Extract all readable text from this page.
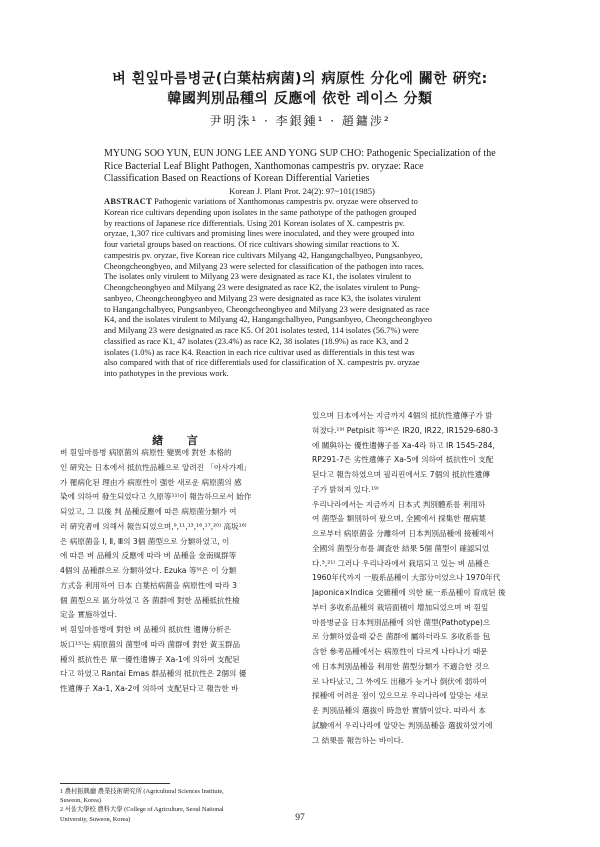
벼 흰잎마름병균(白葉枯病菌)의 病原性 分化에 關한 硏究:
韓國判別品種의 反應에 依한 레이스 分類
尹明洙¹ · 李銀鍾¹ · 趙鏞涉²
MYUNG SOO YUN, EUN JONG LEE AND YONG SUP CHO: Pathogenic Specialization of the
Rice Bacterial Leaf Blight Pathogen, Xanthomonas campestris pv. oryzae: Race
Classification Based on Reactions of Korean Differential Varieties
Korean J. Plant Prot. 24(2): 97~101(1985)
ABSTRACT Pathogenic variations of Xanthomonas campestris pv. oryzae were observed to
Korean rice cultivars depending upon isolates in the same pathotype of the pathogen grouped
by reactions of Japanese rice differentials. Using 201 Korean isolates of X. campestris pv.
oryzae, 1,307 rice cultivars and promising lines were inoculated, and they were grouped into
four varietal groups based on reactions. Of rice cultivars showing similar reactions to X.
campestris pv. oryzae, five Korean rice cultivars Milyang 42, Hangangchalbyeo, Pungsanbyeo,
Cheongcheongbyeo, and Milyang 23 were selected for classification of the pathogen into races.
The isolates only virulent to Milyang 23 were designated as race K1, the isolates virulent to
Cheongcheongbyeo and Milyang 23 were designated as race K2, the isolates virulent to Pung-
sanbyeo, Cheongcheongbyeo and Milyang 23 were designated as race K3, the isolates virulent
to Hangangchalbyeo, Pungsanbyeo, Cheongcheongbyeo and Milyang 23 were designated as race
K4, and the isolates virulent to Milyang 42, Hangangchalbyeo, Pungsanbyeo, Cheongcheongbyeo
and Milyang 23 were designated as race K5. Of 201 isolates tested, 114 isolates (56.7%) were
classified as race K1, 47 isolates (23.4%) as race K2, 38 isolates (18.9%) as race K3, and 2
isolates (1.0%) as race K4. Reaction in each rice cultivar used as differentials in this test was
also compared with that of rice differentials used for classification of X. campestris pv. oryzae
into pathotypes in the previous work.
緖 言
벼 흰잎마름병 病原菌의 病原性 變異에 對한 本格的
인 硏究는 日本에서 抵抗性品種으로 알려진 「아사가제」
가 罹病化된 理由가 病原性이 强한 새로운 病原菌의 感
染에 의하여 發生되었다고 久原等¹¹⁾이 報告하므로서 始作
되었고, 그 以後 判 品種反應에 따른 病原菌分類가 여
러 硏究者에 의해서 報告되었으며,⁹,¹¹,¹³,¹⁶,¹⁷,²⁰⁾ 高坂¹⁶⁾
은 病原菌을 Ⅰ, Ⅱ, Ⅲ의 3個 菌型으로 分類하였고, 이
에 따른 벼 品種의 反應에 따라 벼 品種을 金南風群等
4個의 品種群으로 分類하였다. Ezuka 等⁹⁾은 이 分類
方式을 利用하여 日本 白葉枯病菌을 病原性에 따라 3
個 菌型으로 區分하였고 各 菌群에 對한 品種抵抗性檢
定을 實施하였다.
벼 흰잎마름병에 對한 벼 品種의 抵抗性 遺傳分析은
坂口¹⁵⁾는 病原菌의 菌型에 따라 菌群에 對한 黃玉群品
種의 抵抗性은 單一優性遺傳子 Xa-1에 의하여 支配된
다고 하였고 Rantai Emas 群品種의 抵抗性은 2個의 優
性遺傳子 Xa-1, Xa-2에 의하여 支配된다고 報告한 바
있으며 日本에서는 지금까지 4個의 抵抗性遺傳子가 밝
혀졌다.¹⁹⁾ Petpisit 等¹⁴⁾은 IR20, IR22, IR1529-680-3
에 關與하는 優性遺傳子를 Xa-4라 하고 IR 1545-284,
RP291-7은 劣性遺傳子 Xa-5에 의하여 抵抗性이 支配
된다고 報告하였으며 필리핀에서도 7個의 抵抗性遺傳
子가 밝혀져 있다.¹⁹⁾
우리나라에서는 지금까지 日本式 判別體系를 利用하
여 菌型을 類別하여 왔으며, 全國에서 採集한 罹病葉
으로부터 病原菌을 分離하여 日本判別品種에 接種해서
全國의 菌型分布를 調査한 結果 5個 菌型이 確認되었
다.³,²¹⁾ 그러나 우리나라에서 栽培되고 있는 벼 品種은
1960年代까지 一般系品種이 大部分이었으나 1970年代
Japonica×Indica 交雜種에 의한 統一系品種이 育成된 後
부터 多收系品種의 栽培面積이 增加되었으며 벼 흰잎
마름병균을 日本判別品種에 의한 菌型(Pathotype)으
로 分類하였을때 같은 菌群에 屬하더라도 多收系를 包
含한 參考品種에서는 病原性이 다르게 나타나기 때문
에 日本判別品種을 利用한 菌型分類가 不適合한 것으
로 나타났고, 그 外에도 出穗가 늦거나 倒伏에 弱하여
採種에 어려운 점이 있으므로 우리나라에 알맞는 새로
운 判別品種의 選拔이 時急한 實情이었다. 따라서 本
試驗에서 우리나라에 알맞는 判別品種을 選拔하였기에
그 結果를 報告하는 바이다.
1 農村振興廳 農業技術硏究所 (Agricultural Sciences Institute,
Suweon, Korea)
2 서울大學校 農科大學 (College of Agriculture, Seoul National
University, Suweon, Korea)	97
